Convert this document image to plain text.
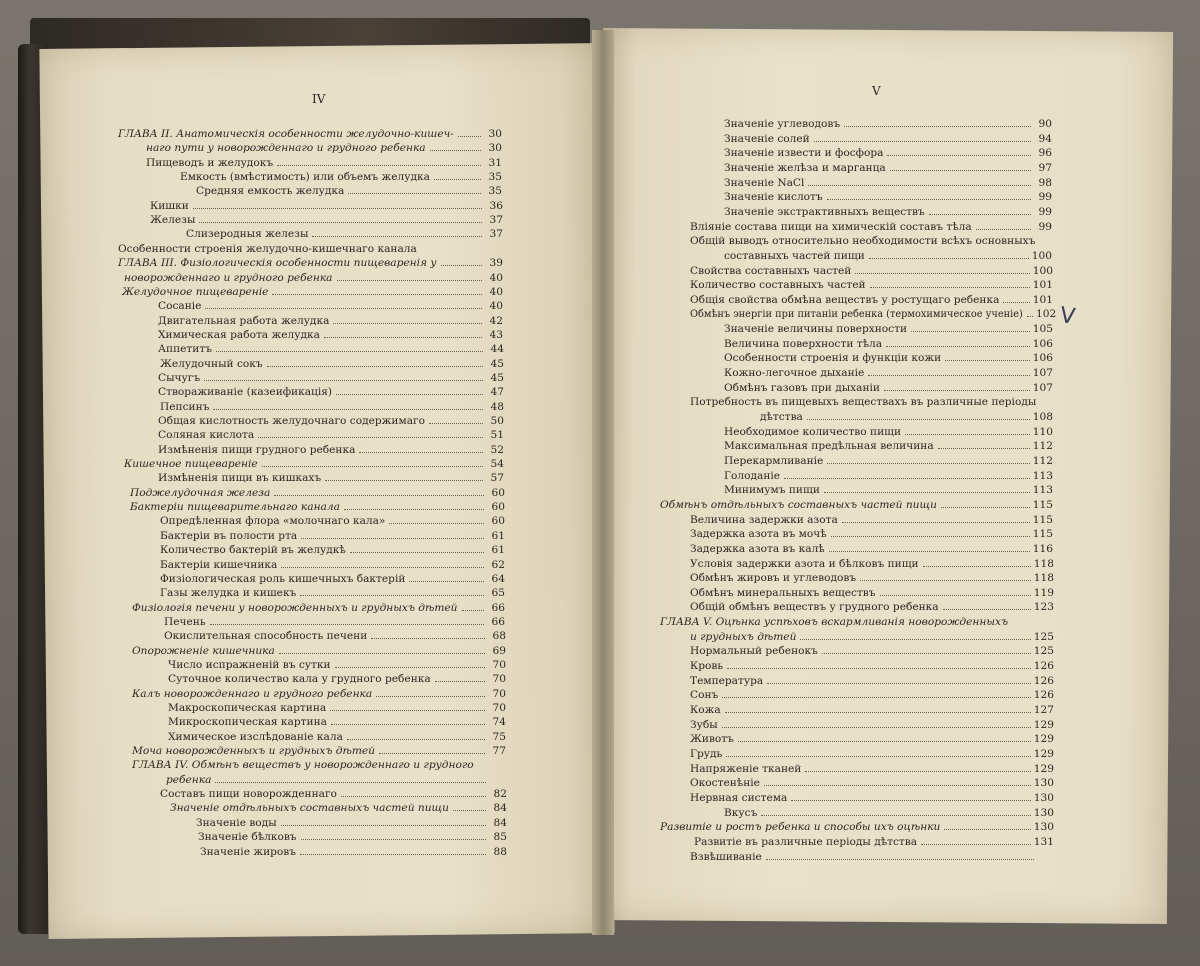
IV
V
ГЛАВА II. Анатомическія особенности желудочно-кишеч-	30
наго пути у новорожденнаго и грудного ребенка	30
Пищеводъ и желудокъ	31
Емкость (вмѣстимость) или объемъ желудка	35
Средняя емкость желудка	35
Кишки	36
Железы	37
Слизеродныя железы	37
Особенности строенія желудочно-кишечнаго канала
ГЛАВА III. Физіологическія особенности пищеваренія у	39
новорожденнаго и грудного ребенка	40
Желудочное пищевареніе	40
Сосаніе	40
Двигательная работа желудка	42
Химическая работа желудка	43
Аппетитъ	44
Желудочный сокъ	45
Сычугъ	45
Створаживаніе (казеификація)	47
Пепсинъ	48
Общая кислотность желудочнаго содержимаго	50
Соляная кислота	51
Измѣненія пищи грудного ребенка	52
Кишечное пищевареніе	54
Измѣненія пищи въ кишкахъ	57
Поджелудочная железа	60
Бактеріи пищеварительнаго канала	60
Опредѣленная флора «молочнаго кала»	60
Бактеріи въ полости рта	61
Количество бактерій въ желудкѣ	61
Бактеріи кишечника	62
Физіологическая роль кишечныхъ бактерій	64
Газы желудка и кишекъ	65
Физіологія печени у новорожденныхъ и грудныхъ дѣтей	66
Печень	66
Окислительная способность печени	68
Опорожненіе кишечника	69
Число испражненій въ сутки	70
Суточное количество кала у грудного ребенка	70
Калъ новорожденнаго и грудного ребенка	70
Макроскопическая картина	70
Микроскопическая картина	74
Химическое изслѣдованіе кала	75
Моча новорожденныхъ и грудныхъ дѣтей	77
ГЛАВА IV. Обмѣнъ веществъ у новорожденнаго и грудного
ребенка
Составъ пищи новорожденнаго	82
Значеніе отдѣльныхъ составныхъ частей пищи	84
Значеніе воды	84
Значеніе бѣлковъ	85
Значеніе жировъ	88
Значеніе углеводовъ	90
Значеніе солей	94
Значеніе извести и фосфора	96
Значеніе желѣза и марганца	97
Значеніе NaCl	98
Значеніе кислотъ	99
Значеніе экстрактивныхъ веществъ	99
Вліяніе состава пищи на химическій составъ тѣла	99
Общій выводъ относительно необходимости всѣхъ основныхъ
составныхъ частей пищи	100
Свойства составныхъ частей	100
Количество составныхъ частей	101
Общія свойства обмѣна веществъ у ростущаго ребенка	101
Обмѣнъ энергіи при питаніи ребенка (термохимическое ученіе) 102
Значеніе величины поверхности	105
Величина поверхности тѣла	106
Особенности строенія и функціи кожи	106
Кожно-легочное дыханіе	107
Обмѣнъ газовъ при дыханіи	107
Потребность въ пищевыхъ веществахъ въ различные періоды
дѣтства	108
Необходимое количество пищи	110
Максимальная предѣльная величина	112
Перекармливаніе	112
Голоданіе	113
Минимумъ пищи	113
Обмѣнъ отдѣльныхъ составныхъ частей пищи	115
Величина задержки азота	115
Задержка азота въ мочѣ	115
Задержка азота въ калѣ	116
Условія задержки азота и бѣлковъ пищи	118
Обмѣнъ жировъ и углеводовъ	118
Обмѣнъ минеральныхъ веществъ	119
Общій обмѣнъ веществъ у грудного ребенка	123
ГЛАВА V. Оцѣнка успѣховъ вскармливанія новорожденныхъ
и грудныхъ дѣтей	125
Нормальный ребенокъ	125
Кровь	126
Температура	126
Сонъ	126
Кожа	127
Зубы	129
Животъ	129
Грудь	129
Напряженіе тканей	129
Окостенѣніе	130
Нервная система	130
Вкусъ	130
Развитіе и ростъ ребенка и способы ихъ оцѣнки	130
Развитіе въ различные періоды дѣтства	131
Взвѣшиваніе
V
